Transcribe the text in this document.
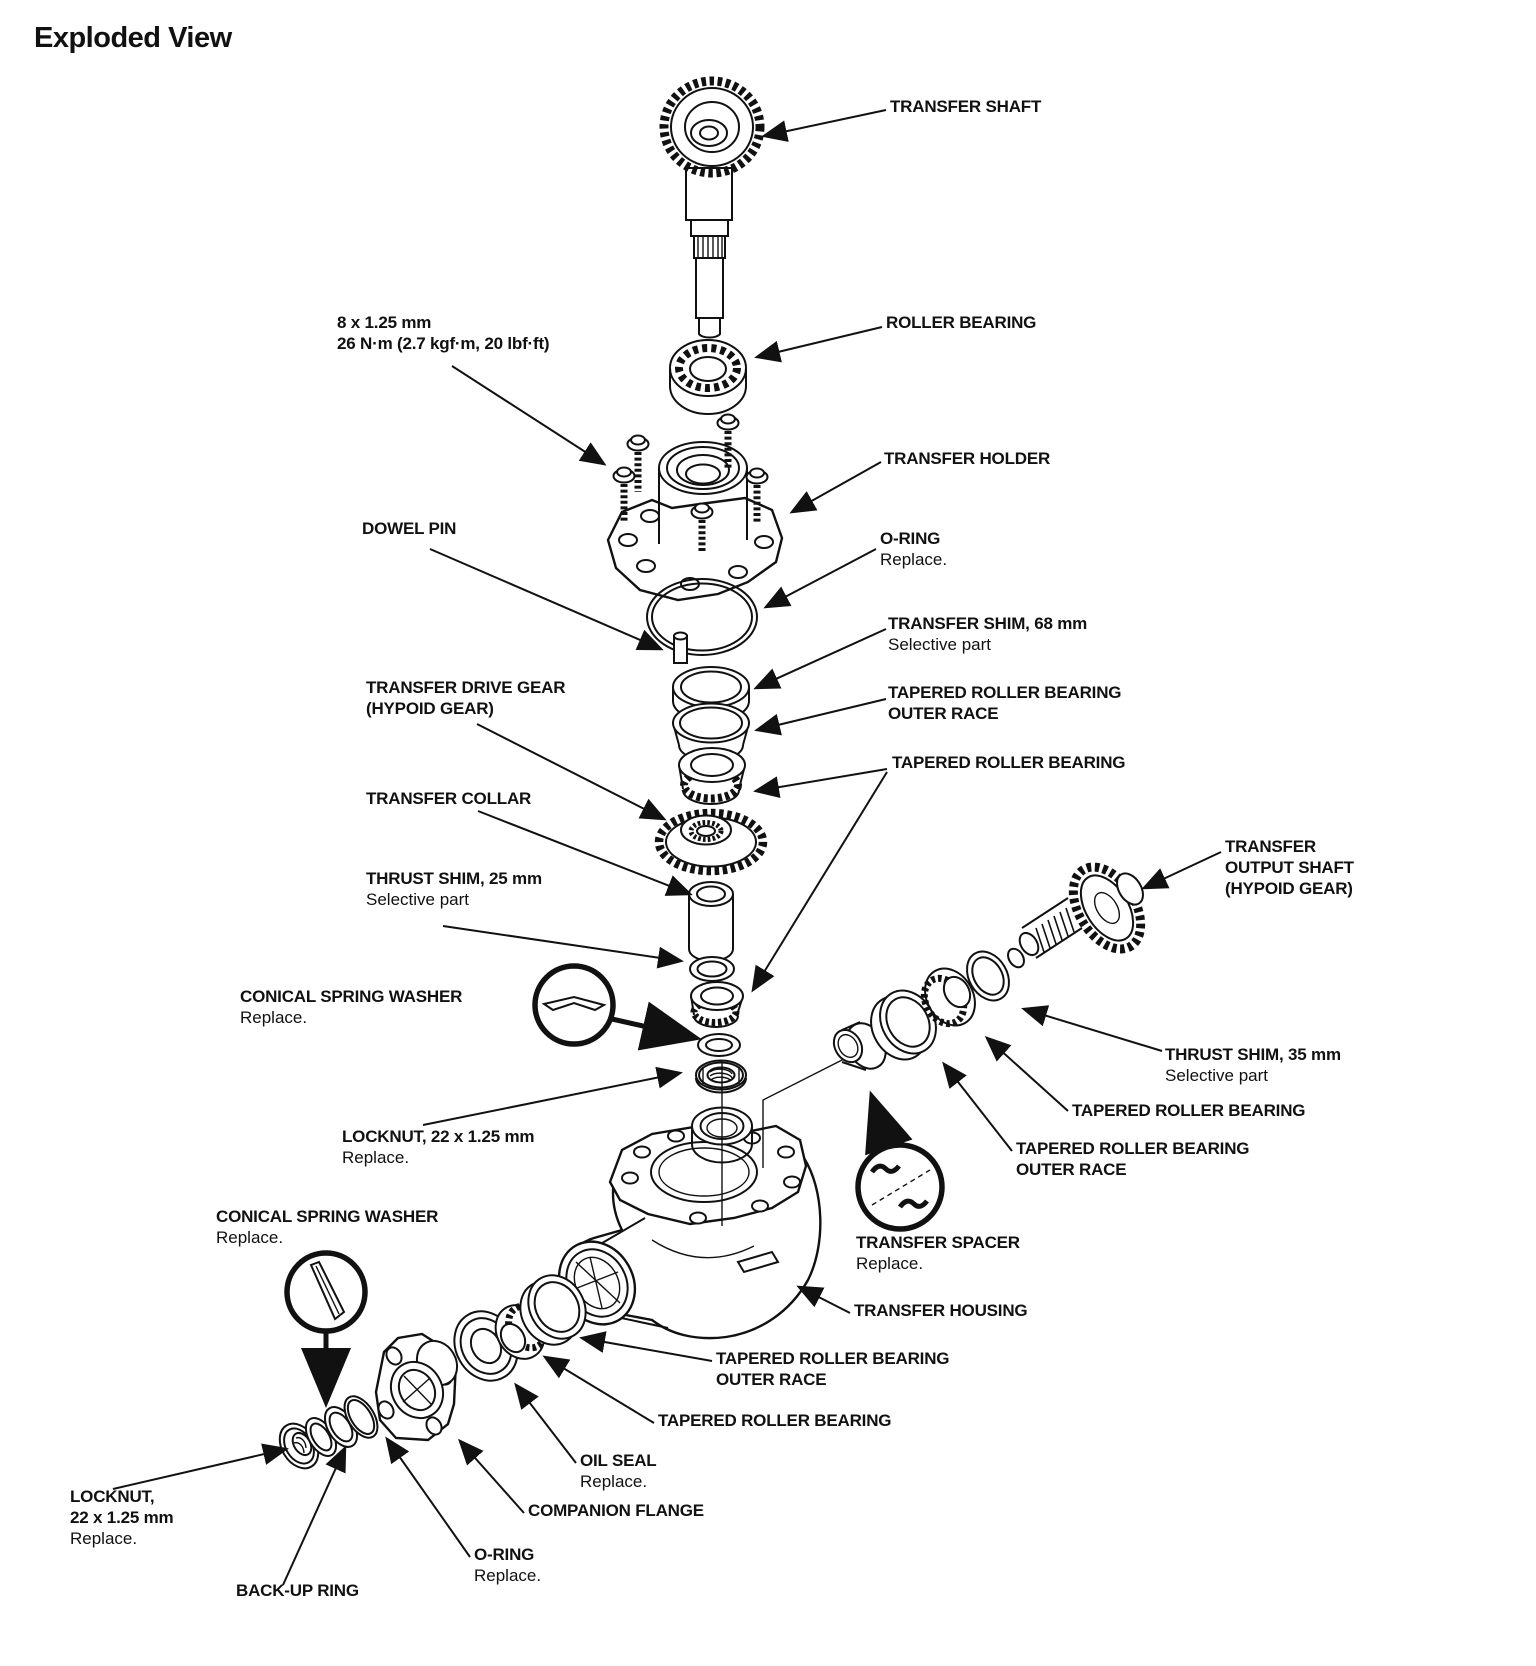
Exploded View
TRANSFER SHAFT
ROLLER BEARING
8 x 1.25 mm
26 N·m (2.7 kgf·m, 20 lbf·ft)
TRANSFER HOLDER
O-RING
Replace.
TRANSFER SHIM, 68 mm
Selective part
TAPERED ROLLER BEARING
OUTER RACE
TAPERED ROLLER BEARING
DOWEL PIN
TRANSFER DRIVE GEAR
(HYPOID GEAR)
TRANSFER COLLAR
THRUST SHIM, 25 mm
Selective part
CONICAL SPRING WASHER
Replace.
LOCKNUT, 22 x 1.25 mm
Replace.
CONICAL SPRING WASHER
Replace.
TRANSFER
OUTPUT SHAFT
(HYPOID GEAR)
THRUST SHIM, 35 mm
Selective part
TAPERED ROLLER BEARING
TAPERED ROLLER BEARING
OUTER RACE
TRANSFER SPACER
Replace.
TRANSFER HOUSING
TAPERED ROLLER BEARING
OUTER RACE
TAPERED ROLLER BEARING
OIL SEAL
Replace.
COMPANION FLANGE
O-RING
Replace.
LOCKNUT,
22 x 1.25 mm
Replace.
BACK-UP RING
